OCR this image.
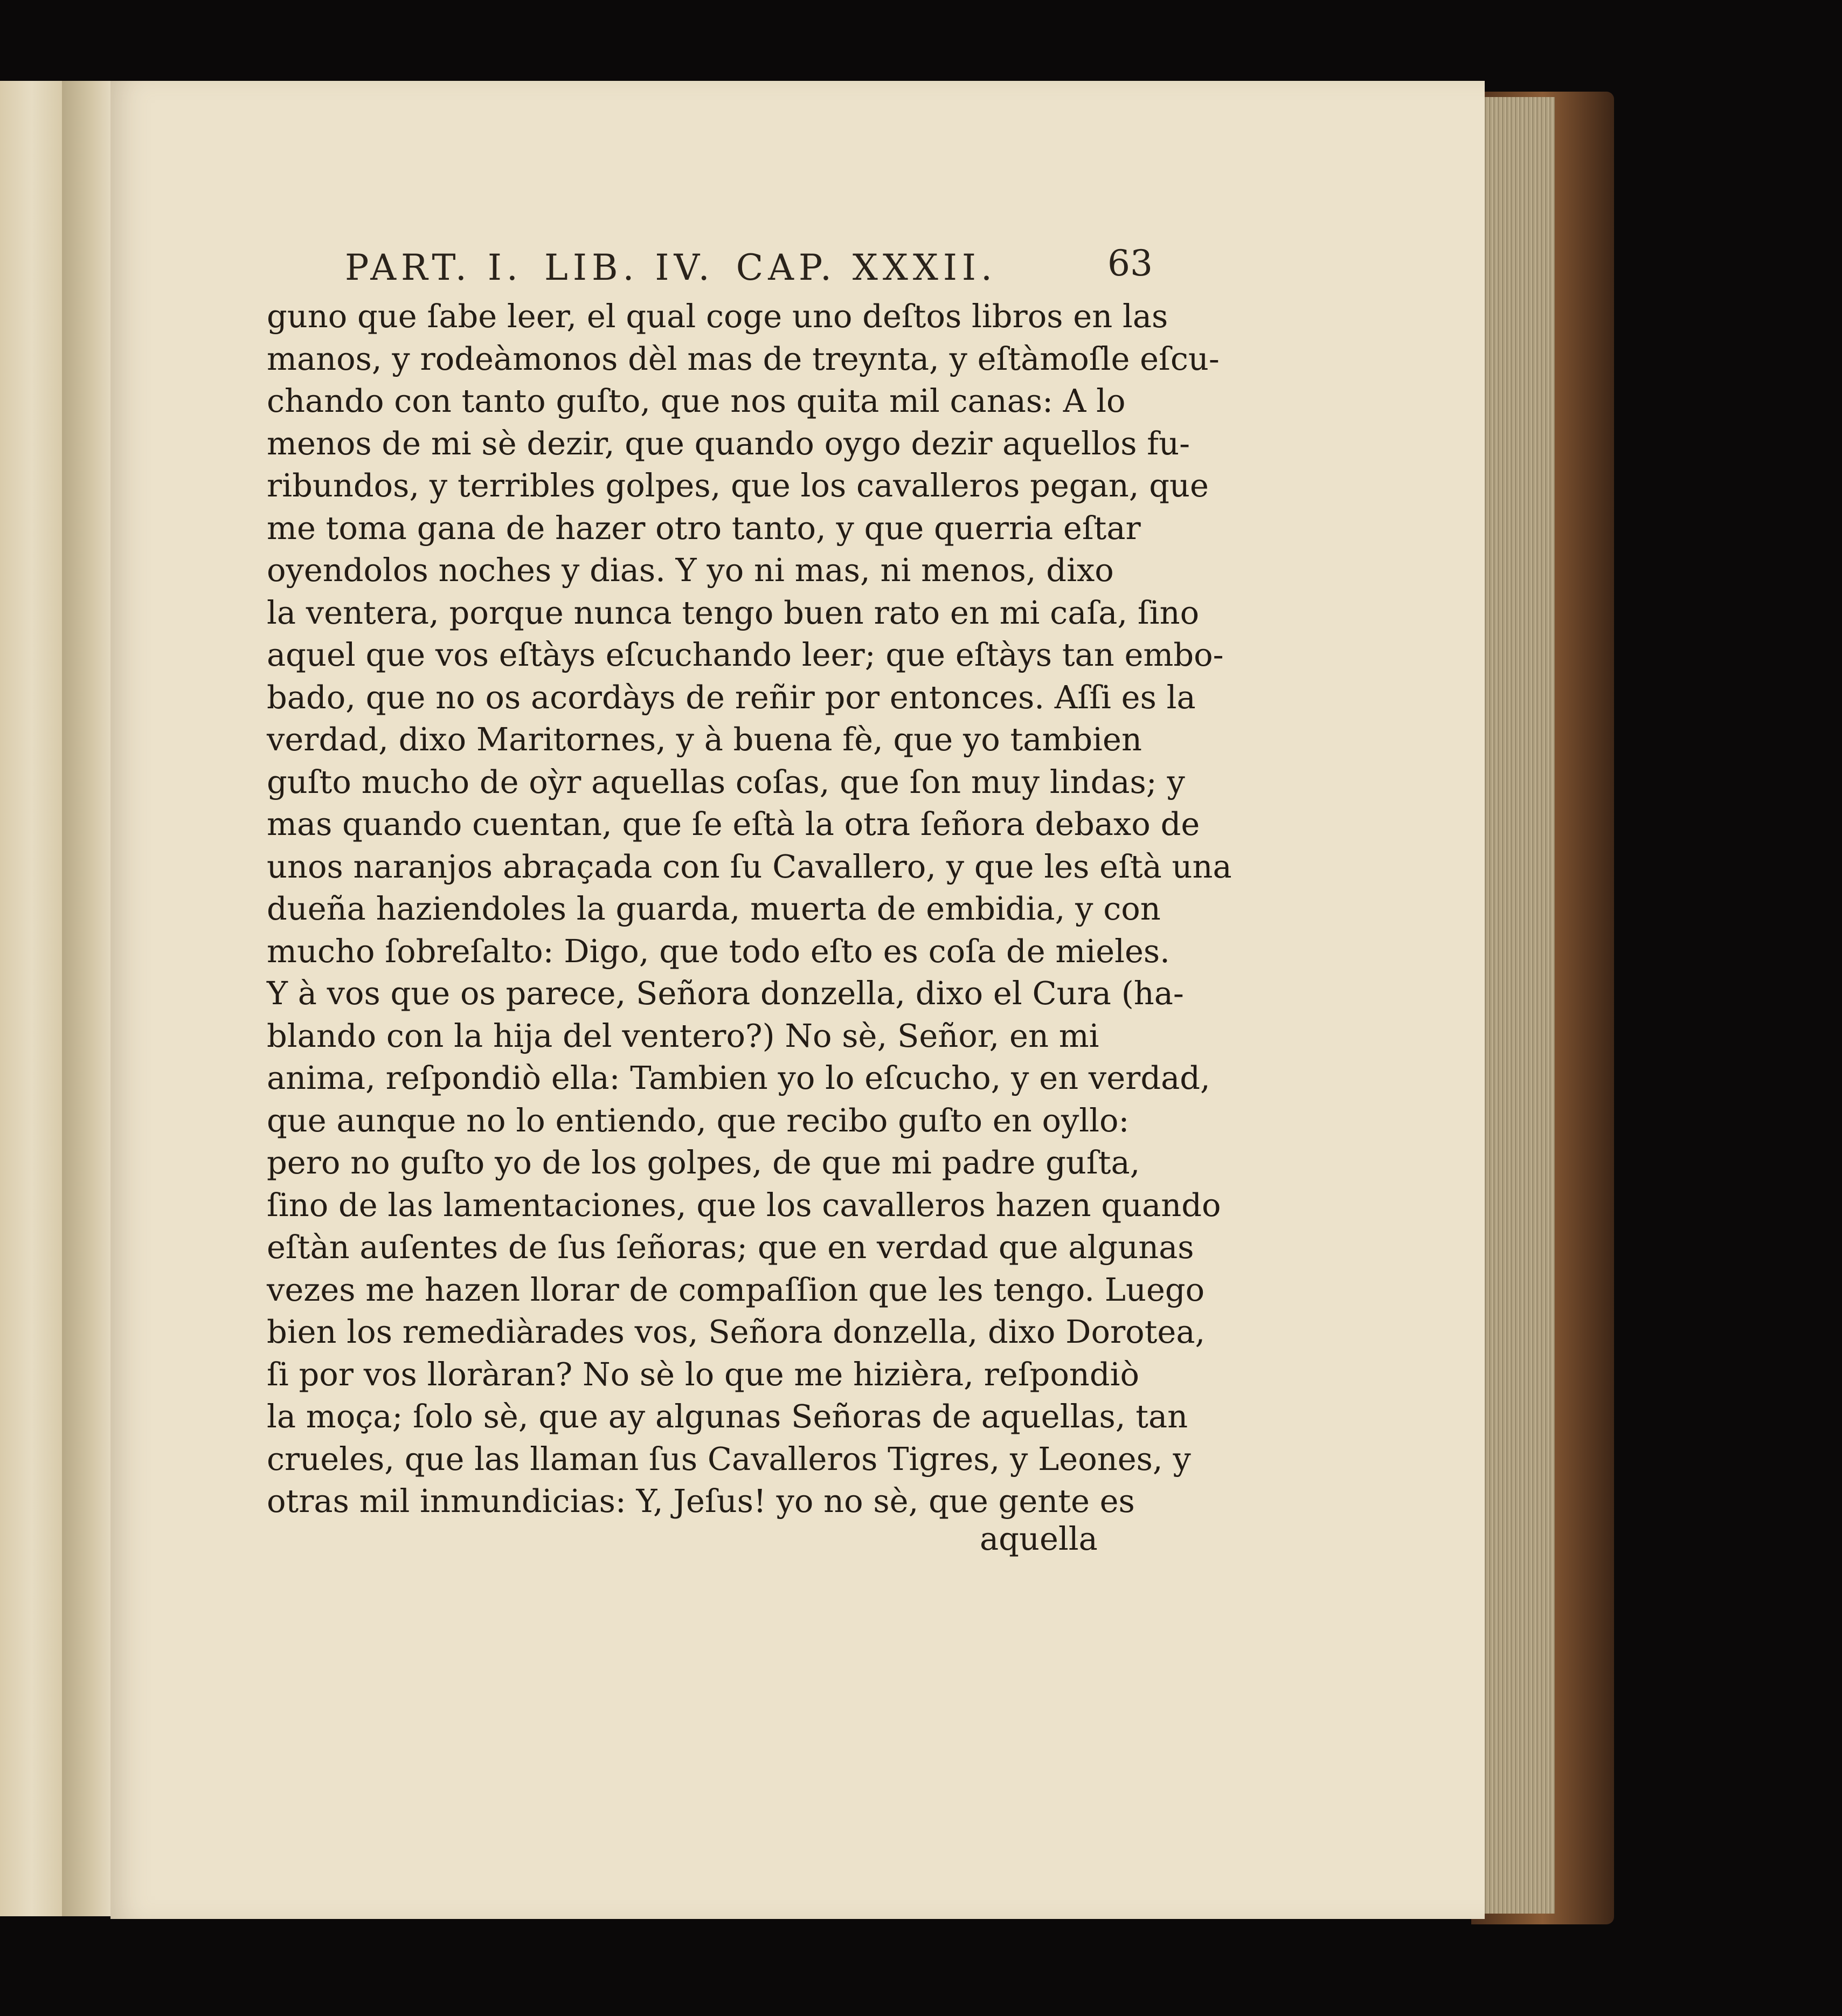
PART. I. LIB. IV. CAP. XXXII.	63
guno que ſabe leer, el qual coge uno deſtos libros en las
manos, y rodeàmonos dèl mas de treynta, y eſtàmoſle eſcu-
chando con tanto guſto, que nos quita mil canas: A lo
menos de mi sè dezir, que quando oygo dezir aquellos fu-
ribundos, y terribles golpes, que los cavalleros pegan, que
me toma gana de hazer otro tanto, y que querria eſtar
oyendolos noches y dias. Y yo ni mas, ni menos, dixo
la ventera, porque nunca tengo buen rato en mi caſa, ſino
aquel que vos eſtàys eſcuchando leer; que eſtàys tan embo-
bado, que no os acordàys de reñir por entonces. Aſſi es la
verdad, dixo Maritornes, y à buena fè, que yo tambien
guſto mucho de oỳr aquellas coſas, que ſon muy lindas; y
mas quando cuentan, que ſe eſtà la otra ſeñora debaxo de
unos naranjos abraçada con ſu Cavallero, y que les eſtà una
dueña haziendoles la guarda, muerta de embidia, y con
mucho ſobreſalto: Digo, que todo eſto es coſa de mieles.
Y à vos que os parece, Señora donzella, dixo el Cura (ha-
blando con la hija del ventero?) No sè, Señor, en mi
anima, reſpondiò ella: Tambien yo lo eſcucho, y en verdad,
que aunque no lo entiendo, que recibo guſto en oyllo:
pero no guſto yo de los golpes, de que mi padre guſta,
ſino de las lamentaciones, que los cavalleros hazen quando
eſtàn auſentes de ſus ſeñoras; que en verdad que algunas
vezes me hazen llorar de compaſſion que les tengo. Luego
bien los remediàrades vos, Señora donzella, dixo Dorotea,
ſi por vos lloràran? No sè lo que me hizièra, reſpondiò
la moça; ſolo sè, que ay algunas Señoras de aquellas, tan
crueles, que las llaman ſus Cavalleros Tigres, y Leones, y
otras mil inmundicias: Y, Jeſus! yo no sè, que gente es
aquella
